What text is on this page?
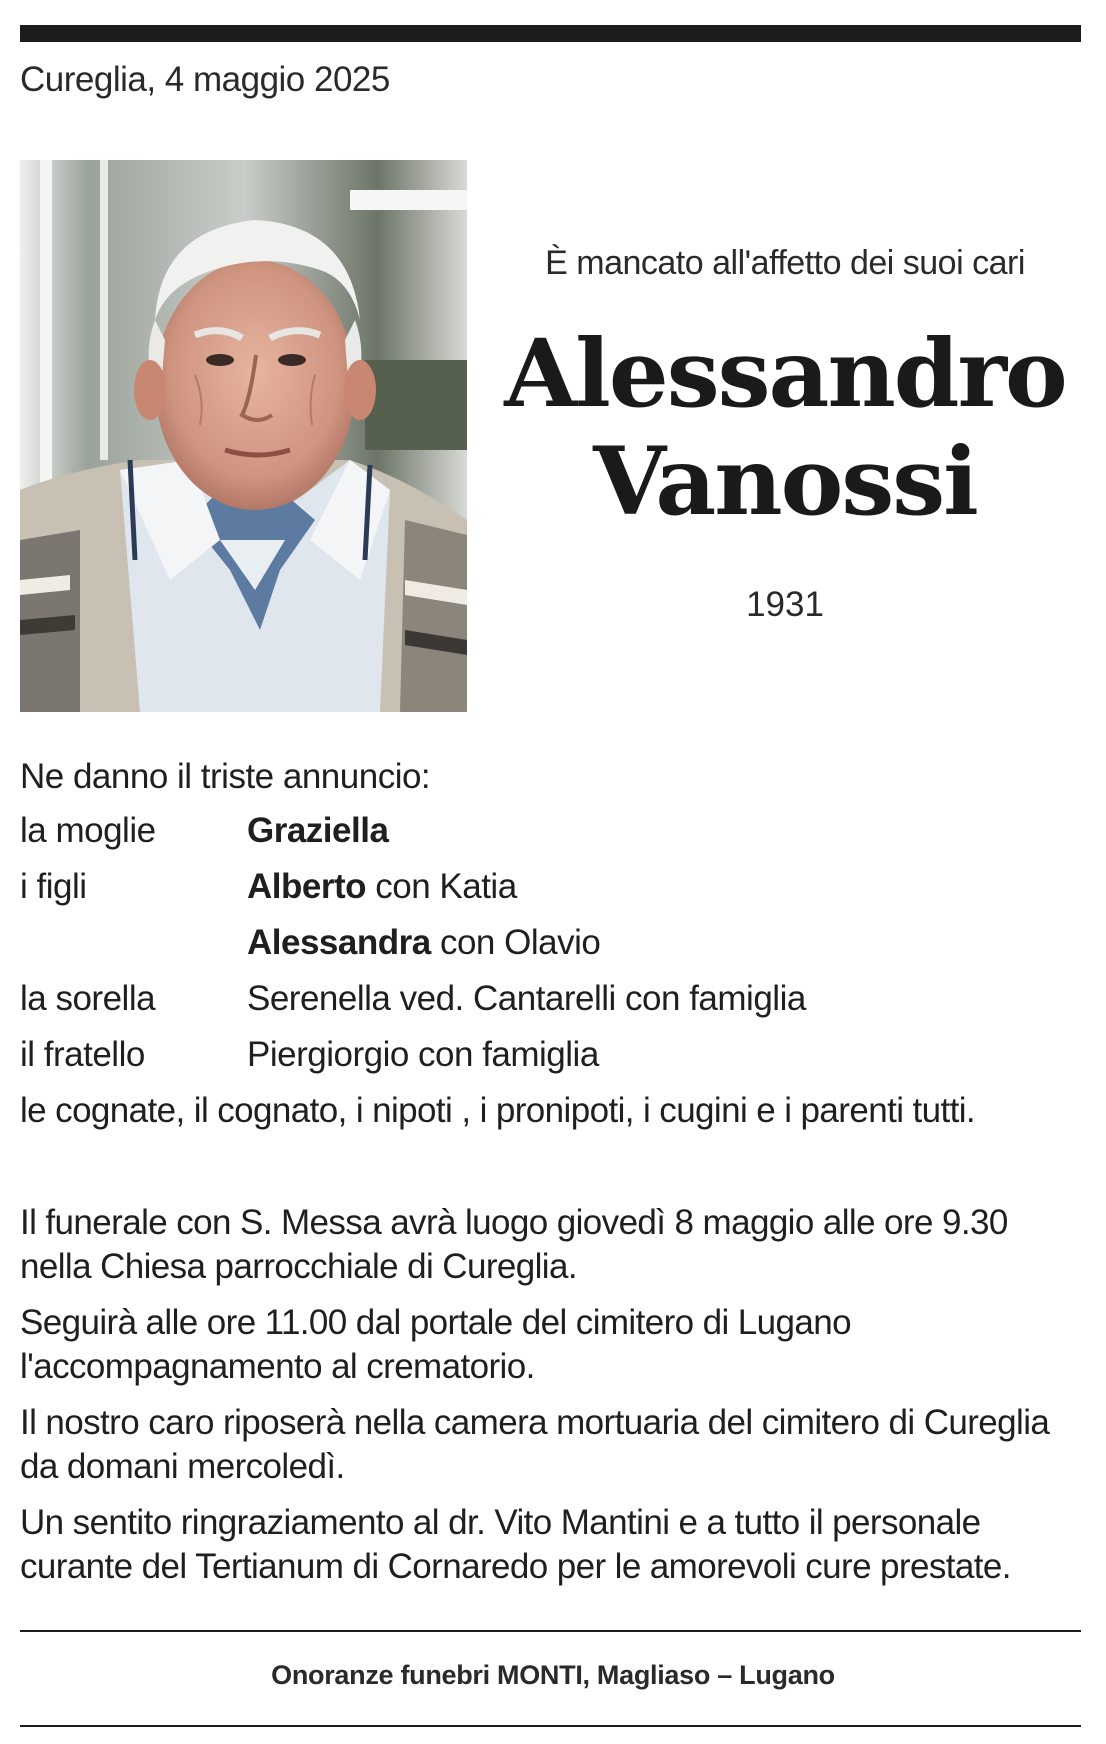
Cureglia, 4 maggio 2025
È mancato all'affetto dei suoi cari
Alessandro
Vanossi
1931
Ne danno il triste annuncio:
la moglie	Graziella
i figli	Alberto con Katia
Alessandra con Olavio
la sorella	Serenella ved. Cantarelli con famiglia
il fratello	Piergiorgio con famiglia
le cognate, il cognato, i nipoti , i pronipoti, i cugini e i parenti tutti.

Il funerale con S. Messa avrà luogo giovedì 8 maggio alle ore 9.30 nella Chiesa parrocchiale di Cureglia.

Seguirà alle ore 11.00 dal portale del cimitero di Lugano l'accompagnamento al crematorio.

Il nostro caro riposerà nella camera mortuaria del cimitero di Cureglia da domani mercoledì.

Un sentito ringraziamento al dr. Vito Mantini e a tutto il personale curante del Tertianum di Cornaredo per le amorevoli cure prestate.

Onoranze funebri MONTI, Magliaso – Lugano
